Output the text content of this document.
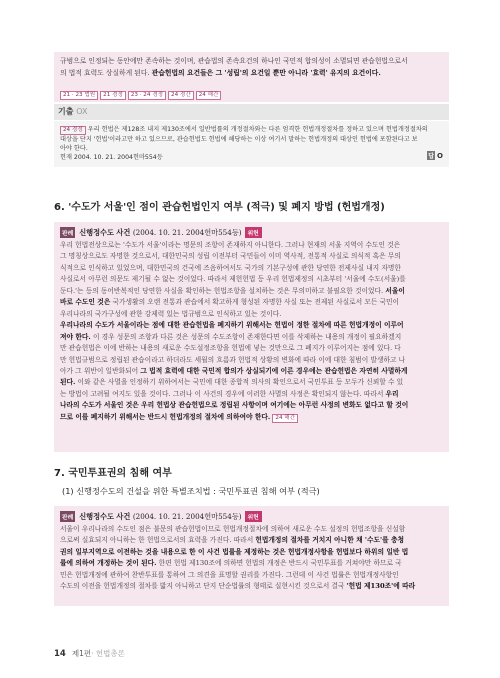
규범으로 인정되는 동안에만 존속하는 것이며, 관습법의 존속요건의 하나인 국민적 합의성이 소멸되면 관습헌법으로서
의 법적 효력도 상실하게 된다. 관습헌법의 요건들은 그 '성립'의 요건일 뿐만 아니라 '효력' 유지의 요건이다.

21 · 23 법원 21 경정 23 · 24 경정 24 경간 24 해간
기출 OX

24 경정 우리 헌법은 제128조 내지 제130조에서 일반법률의 개정절차와는 다른 엄격한 헌법개정절차를 정하고 있으며 헌법개정절차의
대상을 단지 '헌법'이라고만 하고 있으므로, 관습헌법도 헌법에 해당하는 이상 여기서 말하는 헌법개정의 대상인 헌법에 포함된다고 보
아야 한다.
헌재 2004. 10. 21. 2004헌마554등	답 O
6. '수도가 서울'인 점이 관습헌법인지 여부 (적극) 및 폐지 방법 (헌법개정)
판례 신행정수도 사건 (2004. 10. 21. 2004헌마554등) 위헌

우리 헌법전상으로는 '수도가 서울'이라는 명문의 조항이 존재하지 아니한다. 그러나 현재의 서울 지역이 수도인 것은
그 명칭상으로도 자명한 것으로서, 대한민국의 성립 이전부터 국민들이 이미 역사적, 전통적 사실로 의식적 혹은 무의
식적으로 인식하고 있었으며, 대한민국의 건국에 즈음하여서도 국가의 기본구성에 관한 당연한 전제사실 내지 자명한
사실로서 아무런 의문도 제기될 수 없는 것이었다. 따라서 제헌헌법 등 우리 헌법제정의 시초부터 '서울에 수도(서울)를
둔다.'는 등의 동어반복적인 당연한 사실을 확인하는 헌법조항을 설치하는 것은 무의미하고 불필요한 것이었다. 서울이
바로 수도인 것은 국가생활의 오랜 전통과 관습에서 확고하게 형성된 자명한 사실 또는 전제된 사실로서 모든 국민이
우리나라의 국가구성에 관한 강제력 있는 법규범으로 인식하고 있는 것이다.

우리나라의 수도가 서울이라는 점에 대한 관습헌법을 폐지하기 위해서는 헌법이 정한 절차에 따른 헌법개정이 이루어
져야 한다. 이 경우 성문의 조항과 다른 것은 성문의 수도조항이 존재한다면 이를 삭제하는 내용의 개정이 필요하겠지
만 관습헌법은 이에 반하는 내용의 새로운 수도설정조항을 헌법에 넣는 것만으로 그 폐지가 이루어지는 점에 있다. 다
만 헌법규범으로 정립된 관습이라고 하더라도 세월의 흐름과 헌법적 상황의 변화에 따라 이에 대한 침범이 발생하고 나
아가 그 위반이 일반화되어 그 법적 효력에 대한 국민적 합의가 상실되기에 이른 경우에는 관습헌법은 자연히 사멸하게
된다. 이와 같은 사멸을 인정하기 위하여서는 국민에 대한 종합적 의사의 확인으로서 국민투표 등 모두가 신뢰할 수 있
는 방법이 고려될 여지도 있을 것이다. 그러나 이 사건의 경우에 이러한 사멸의 사정은 확인되지 않는다. 따라서 우리
나라의 수도가 서울인 것은 우리 헌법상 관습헌법으로 정립된 사항이며 여기에는 아무런 사정의 변화도 없다고 할 것이
므로 이를 폐지하기 위해서는 반드시 헌법개정의 절차에 의하여야 한다. 24 해간

7. 국민투표권의 침해 여부
(1) 신행정수도의 건설을 위한 특별조치법 : 국민투표권 침해 여부 (적극)
판례 신행정수도 사건 (2004. 10. 21. 2004헌마554등) 위헌

서울이 우리나라의 수도인 점은 불문의 관습헌법이므로 헌법개정절차에 의하여 새로운 수도 설정의 헌법조항을 신설함
으로써 실효되지 아니하는 한 헌법으로서의 효력을 가진다. 따라서 헌법개정의 절차를 거치지 아니한 채 '수도'를 충청
권의 일부지역으로 이전하는 것을 내용으로 한 이 사건 법률을 제정하는 것은 헌법개정사항을 헌법보다 하위의 일반 법
률에 의하여 개정하는 것이 된다. 한편 헌법 제130조에 의하면 헌법의 개정은 반드시 국민투표를 거쳐야만 하므로 국
민은 헌법개정에 관하여 찬반투표를 통하여 그 의견을 표명할 권리를 가진다. 그런데 이 사건 법률은 헌법개정사항인
수도의 이전을 헌법개정의 절차를 밟지 아니하고 단지 단순법률의 형태로 실현시킨 것으로서 결국 '헌법 제130조'에 따라

14 제1편· 헌법총론
